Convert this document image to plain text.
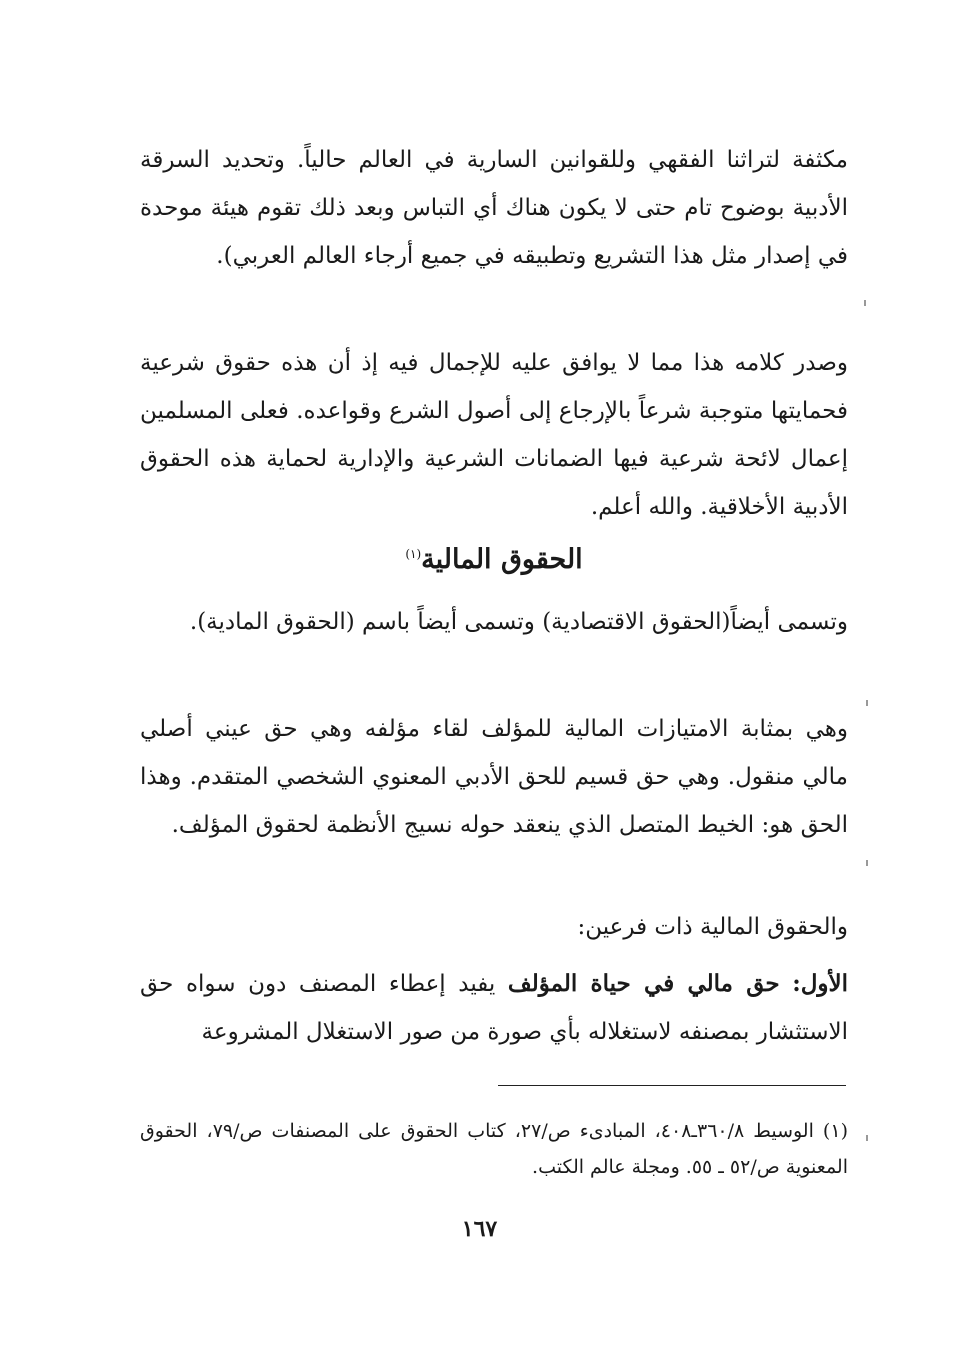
مكثفة لتراثنا الفقهي وللقوانين السارية في العالم حالياً. وتحديد السرقة الأدبية بوضوح تام حتى لا يكون هناك أي التباس وبعد ذلك تقوم هيئة موحدة في إصدار مثل هذا التشريع وتطبيقه في جميع أرجاء العالم العربي).

وصدر كلامه هذا مما لا يوافق عليه للإجمال فيه إذ أن هذه حقوق شرعية فحمايتها متوجبة شرعاً بالإرجاع إلى أصول الشرع وقواعده. فعلى المسلمين إعمال لائحة شرعية فيها الضمانات الشرعية والإدارية لحماية هذه الحقوق الأدبية الأخلاقية. والله أعلم.

الحقوق المالية$^{(١)}$

وتسمى أيضاً(الحقوق الاقتصادية) وتسمى أيضاً باسم (الحقوق المادية).

وهي بمثابة الامتيازات المالية للمؤلف لقاء مؤلفه وهي حق عيني أصلي مالي منقول. وهي حق قسيم للحق الأدبي المعنوي الشخصي المتقدم. وهذا الحق هو: الخيط المتصل الذي ينعقد حوله نسيج الأنظمة لحقوق المؤلف.

والحقوق المالية ذات فرعين:

الأول: حق مالي في حياة المؤلف يفيد إعطاء المصنف دون سواه حق الاستثشار بمصنفه لاستغلاله بأي صورة من صور الاستغلال المشروعة

(١) الوسيط ٣٦٠/٨ـ٤٠٨، المبادىء ص/٢٧، كتاب الحقوق على المصنفات ص/٧٩، الحقوق المعنوية ص/٥٢ ـ ٥٥. ومجلة عالم الكتب.

١٦٧
